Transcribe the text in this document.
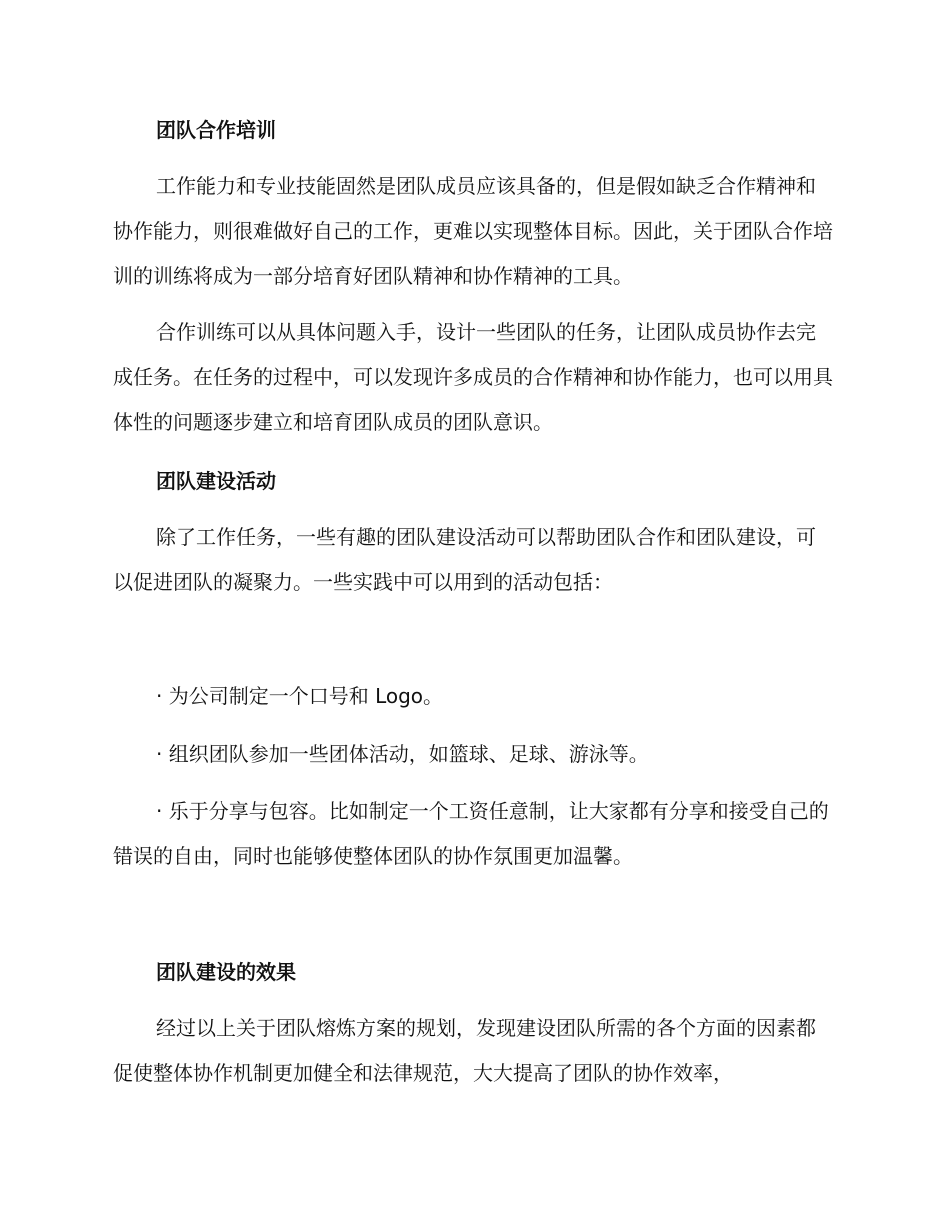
团队合作培训

工作能力和专业技能固然是团队成员应该具备的，但是假如缺乏合作精神和协作能力，则很难做好自己的工作，更难以实现整体目标。因此，关于团队合作培训的训练将成为一部分培育好团队精神和协作精神的工具。

合作训练可以从具体问题入手，设计一些团队的任务，让团队成员协作去完成任务。在任务的过程中，可以发现许多成员的合作精神和协作能力，也可以用具体性的问题逐步建立和培育团队成员的团队意识。

团队建设活动

除了工作任务，一些有趣的团队建设活动可以帮助团队合作和团队建设，可以促进团队的凝聚力。一些实践中可以用到的活动包括：

· 为公司制定一个口号和 Logo。

· 组织团队参加一些团体活动，如篮球、足球、游泳等。

· 乐于分享与包容。比如制定一个工资任意制，让大家都有分享和接受自己的错误的自由，同时也能够使整体团队的协作氛围更加温馨。

团队建设的效果

经过以上关于团队熔炼方案的规划，发现建设团队所需的各个方面的因素都促使整体协作机制更加健全和法律规范，大大提高了团队的协作效率，
